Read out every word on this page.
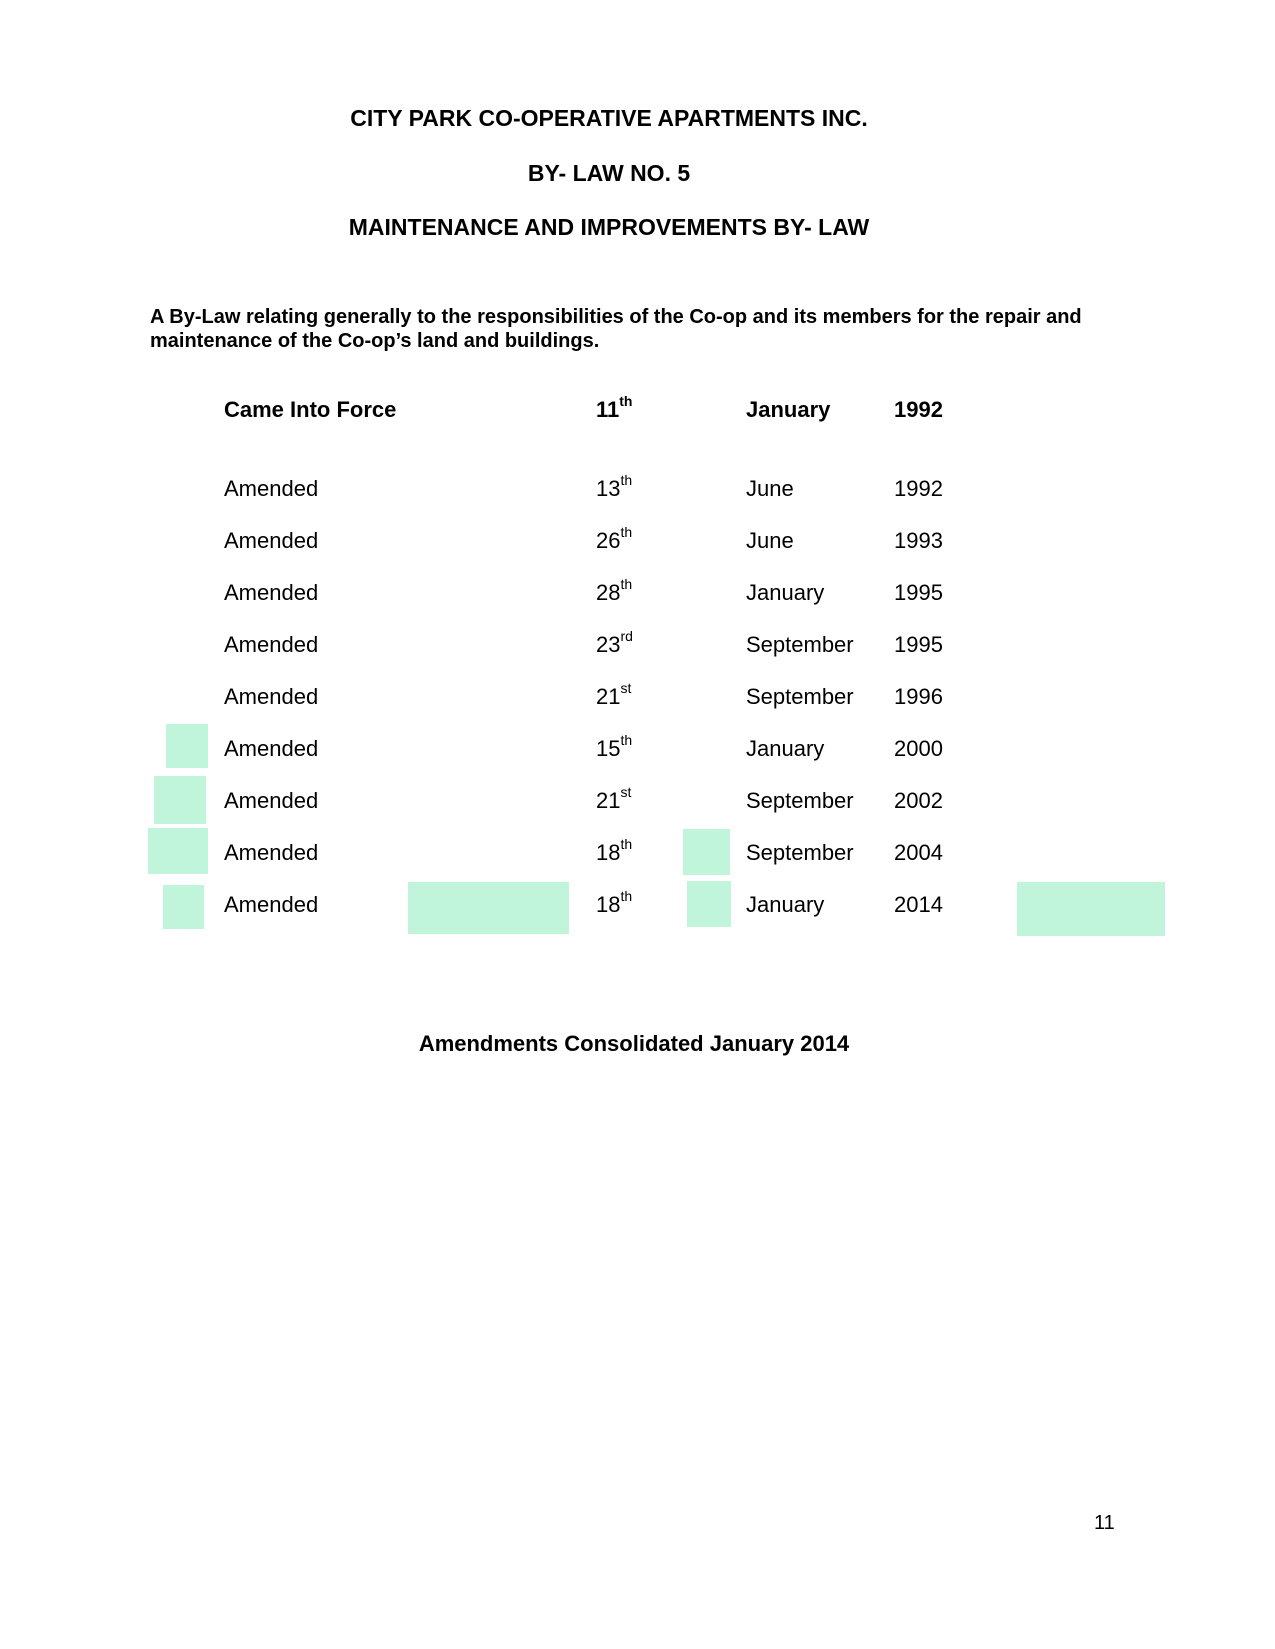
CITY PARK CO-OPERATIVE APARTMENTS INC.
BY- LAW NO. 5
MAINTENANCE AND IMPROVEMENTS BY- LAW

A By-Law relating generally to the responsibilities of the Co-op and its members for the repair and maintenance of the Co-op’s land and buildings.

Came Into Force	11th	January	1992
Amended	13th	June	1992
Amended	26th	June	1993
Amended	28th	January	1995
Amended	23rd	September 1995
Amended	21st	September 1996
Amended	15th	January	2000
Amended	21st	September 2002
Amended	18th	September 2004
Amended	18th	January	2014

Amendments Consolidated January 2014

11
